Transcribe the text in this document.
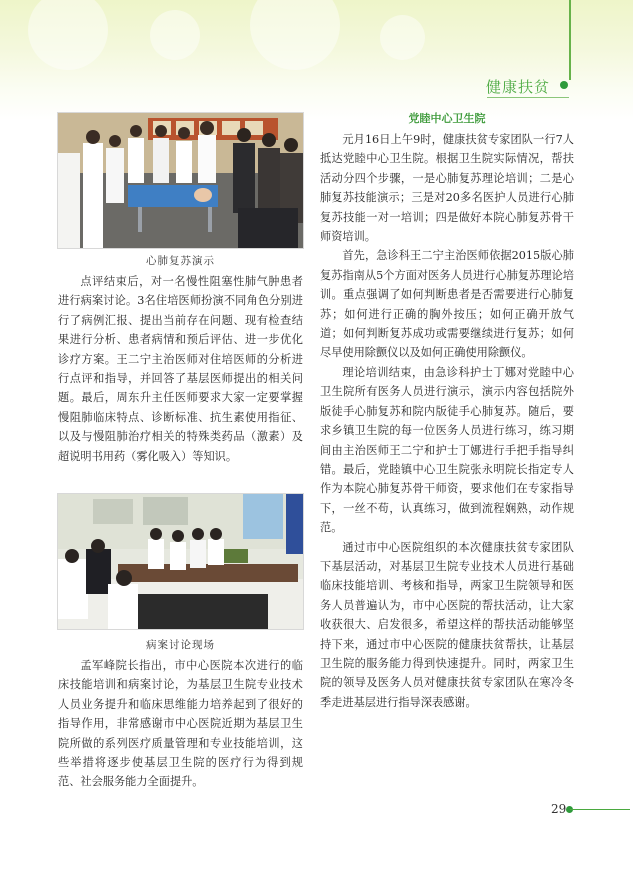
健康扶贫
心肺复苏演示

点评结束后，对一名慢性阻塞性肺气肿患者进行病案讨论。3名住培医师扮演不同角色分别进行了病例汇报、提出当前存在问题、现有检查结果进行分析、患者病情和预后评估、进一步优化诊疗方案。王二宁主治医师对住培医师的分析进行点评和指导，并回答了基层医师提出的相关问题。最后，周东升主任医师要求大家一定要掌握慢阻肺临床特点、诊断标准、抗生素使用指征、以及与慢阻肺治疗相关的特殊类药品（激素）及超说明书用药（雾化吸入）等知识。

病案讨论现场

孟军峰院长指出，市中心医院本次进行的临床技能培训和病案讨论，为基层卫生院专业技术人员业务提升和临床思维能力培养起到了很好的指导作用，非常感谢市中心医院近期为基层卫生院所做的系列医疗质量管理和专业技能培训，这些举措将逐步使基层卫生院的医疗行为得到规范、社会服务能力全面提升。

党睦中心卫生院

元月16日上午9时，健康扶贫专家团队一行7人抵达党睦中心卫生院。根据卫生院实际情况，帮扶活动分四个步骤，一是心肺复苏理论培训；二是心肺复苏技能演示；三是对20多名医护人员进行心肺复苏技能一对一培训；四是做好本院心肺复苏骨干师资培训。

首先，急诊科王二宁主治医师依据2015版心肺复苏指南从5个方面对医务人员进行心肺复苏理论培训。重点强调了如何判断患者是否需要进行心肺复苏；如何进行正确的胸外按压；如何正确开放气道；如何判断复苏成功或需要继续进行复苏；如何尽早使用除颤仪以及如何正确使用除颤仪。

理论培训结束，由急诊科护士丁娜对党睦中心卫生院所有医务人员进行演示，演示内容包括院外版徒手心肺复苏和院内版徒手心肺复苏。随后，要求乡镇卫生院的每一位医务人员进行练习，练习期间由主治医师王二宁和护士丁娜进行手把手指导纠错。最后，党睦镇中心卫生院张永明院长指定专人作为本院心肺复苏骨干师资，要求他们在专家指导下，一丝不苟，认真练习，做到流程娴熟，动作规范。

通过市中心医院组织的本次健康扶贫专家团队下基层活动，对基层卫生院专业技术人员进行基础临床技能培训、考核和指导，两家卫生院领导和医务人员普遍认为，市中心医院的帮扶活动，让大家收获很大、启发很多，希望这样的帮扶活动能够坚持下来，通过市中心医院的健康扶贫帮扶，让基层卫生院的服务能力得到快速提升。同时，两家卫生院的领导及医务人员对健康扶贫专家团队在寒冷冬季走进基层进行指导深表感谢。

29
